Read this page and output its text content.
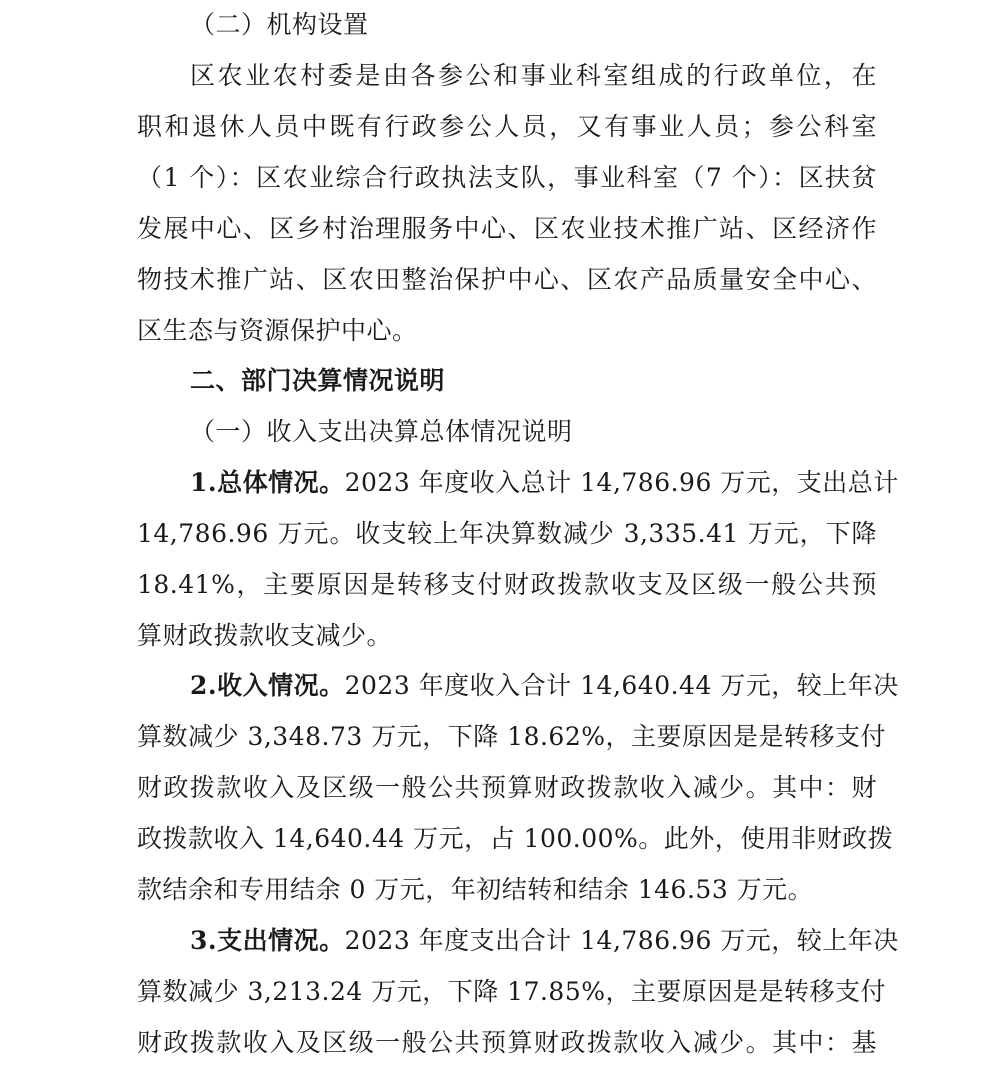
（二）机构设置
区农业农村委是由各参公和事业科室组成的行政单位，在
职和退休人员中既有行政参公人员，又有事业人员；参公科室
（1 个）：区农业综合行政执法支队，事业科室（7 个）：区扶贫
发展中心、区乡村治理服务中心、区农业技术推广站、区经济作
物技术推广站、区农田整治保护中心、区农产品质量安全中心、
区生态与资源保护中心。
二、部门决算情况说明
（一）收入支出决算总体情况说明
1.总体情况。2023 年度收入总计 14,786.96 万元，支出总计
14,786.96 万元。收支较上年决算数减少 3,335.41 万元，下降
18.41%，主要原因是转移支付财政拨款收支及区级一般公共预
算财政拨款收支减少。
2.收入情况。2023 年度收入合计 14,640.44 万元，较上年决
算数减少 3,348.73 万元，下降 18.62%，主要原因是是转移支付
财政拨款收入及区级一般公共预算财政拨款收入减少。其中：财
政拨款收入 14,640.44 万元，占 100.00%。此外，使用非财政拨
款结余和专用结余 0 万元，年初结转和结余 146.53 万元。
3.支出情况。2023 年度支出合计 14,786.96 万元，较上年决
算数减少 3,213.24 万元，下降 17.85%，主要原因是是转移支付
财政拨款收入及区级一般公共预算财政拨款收入减少。其中：基
